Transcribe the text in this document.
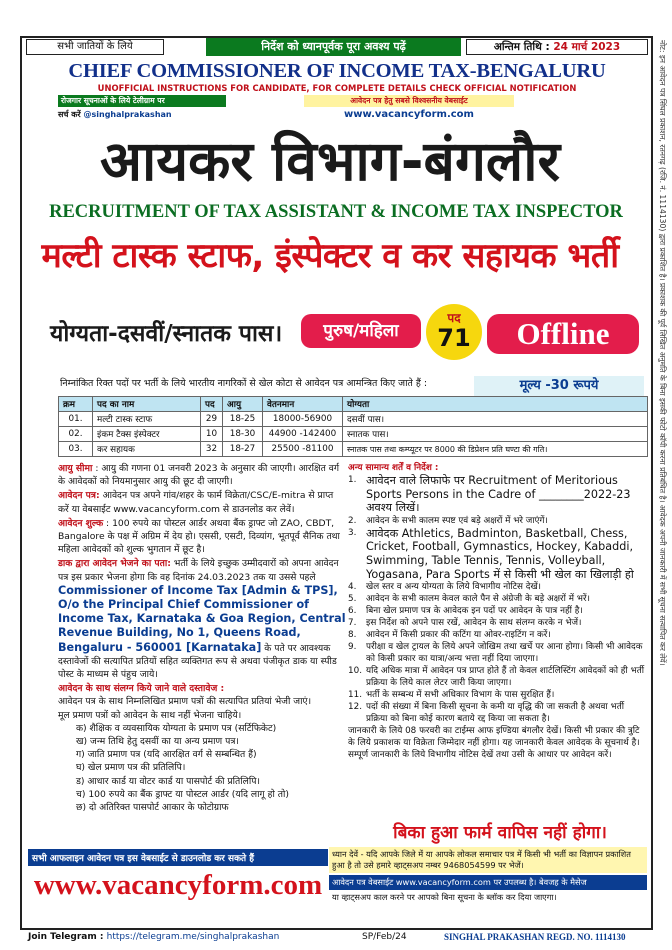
नोट: इन आवेदन पत्र सिंघल प्रकाशन, रतनगढ़ (रजि. नं. 1114130) द्वारा प्रकाशित है। प्रकाशक की पूर्व लिखित अनुमति के बिना इसकी फोटो कॉपी करना प्रतिबंधित है। आवेदक अपनी जानकारी में सभी सूचना सत्यापित कर लेवें।
सभी जातियों के लिये	निर्देश को ध्यानपूर्वक पूरा अवश्य पढ़ें	अन्तिम तिथि : 24 मार्च 2023
CHIEF COMMISSIONER OF INCOME TAX-BENGALURU
UNOFFICIAL INSTRUCTIONS FOR CANDIDATE, FOR COMPLETE DETAILS CHECK OFFICIAL NOTIFICATION
रोजगार सूचनाओं के लिये टेलीग्राम पर
सर्च करें @singhalprakashan
आवेदन पत्र हेतु सबसे विश्वसनीय वेबसाईट
www.vacancyform.com
आयकर विभाग-बंगलौर
RECRUITMENT OF TAX ASSISTANT & INCOME TAX INSPECTOR
मल्टी टास्क स्टाफ, इंस्पेक्टर व कर सहायक भर्ती
योग्यता-दसवीं/स्नातक पास।	पुरुष/महिला
पद
71	Offline
निम्नांकित रिक्त पदों पर भर्ती के लिये भारतीय नागरिकों से खेल कोटा से आवेदन पत्र आमन्त्रित किए जाते हैं :	मूल्य -30 रूपये
क्रम	पद का नाम	पद	आयु	वेतनमान	योग्यता
01.	मल्टी टास्क स्टाफ	29	18-25	18000-56900	दसवीं पास।
02.	इंकम टैक्स इंस्पेक्टर	10	18-30	44900 -142400	स्नातक पास।
03.	कर सहायक	32	18-27	25500 -81100	स्नातक पास तथा कम्प्यूटर पर 8000 की डिप्रेशन प्रति घण्टा की गति।
आयु सीमा : आयु की गणना 01 जनवरी 2023 के अनुसार की जाएगी। आरक्षित वर्ग के आवेदकों को नियमानुसार आयु की छूट दी जाएगी।
आवेदन पत्र: आवेदन पत्र अपने गांव/शहर के फार्म विक्रेता/CSC/E-mitra से प्राप्त करें या वेबसाईट www.vacancyform.com से डाउनलोड कर लेवें।
आवेदन शुल्क : 100 रुपये का पोस्टल आर्डर अथवा बैंक ड्राफ्ट जो ZAO, CBDT, Bangalore के पक्ष में अग्रिम में देय हो। एससी, एसटी, दिव्यांग, भूतपूर्व सैनिक तथा महिला आवेदकों को शुल्क भुगतान में छूट है।
डाक द्वारा आवेदन भेजने का पता: भर्ती के लिये इच्छुक उम्मीदवारों को अपना आवेदन पत्र इस प्रकार भेजना होगा कि वह दिनांक 24.03.2023 तक या उससे पहले Commissioner of Income Tax [Admin & TPS], O/o the Principal Chief Commissioner of Income Tax, Karnataka & Goa Region, Central Revenue Building, No 1, Queens Road, Bengaluru - 560001 [Karnataka] के पते पर आवश्यक दस्तावेजों की सत्यापित प्रतियों सहित व्यक्तिगत रूप से अथवा पंजीकृत डाक या स्पीड पोस्ट के माध्यम से पंहुच जाये।
आवेदन के साथ संलग्न किये जाने वाले दस्तावेज :
आवेदन पत्र के साथ निम्नलिखित प्रमाण पत्रों की सत्यापित प्रतियां भेजी जाएं।
मूल प्रमाण पत्रों को आवेदन के साथ नहीं भेजना चाहिये।
क) शैक्षिक व व्यवसायिक योग्यता के प्रमाण पत्र (सर्टिफिकेट)
ख) जन्म तिथि हेतु दसवीं का या अन्य प्रमाण पत्र।
ग) जाति प्रमाण पत्र (यदि आरक्षित वर्ग से सम्बन्धित हैं)
घ) खेल प्रमाण पत्र की प्रतिलिपि।
ड) आधार कार्ड या वोटर कार्ड या पासपोर्ट की प्रतिलिपि।
च) 100 रुपये का बैंक ड्राफ्ट या पोस्टल आर्डर (यदि लागू हो तो)
छ) दो अतिरिक्त पासपोर्ट आकार के फोटोग्राफ
अन्य सामान्य शर्तें व निर्देश :
1. आवेदन वाले लिफाफे पर Recruitment of Meritorious Sports Persons in the Cadre of ________2022-23 अवश्य लिखें।
2.	आवेदन के सभी कालम स्पष्ट एवं बड़े अक्षरों में भरे जाएंगें।
3. आवेदक Athletics, Badminton, Basketball, Chess, Cricket, Football, Gymnastics, Hockey, Kabaddi, Swimming, Table Tennis, Tennis, Volleyball, Yogasana, Para Sports में से किसी भी खेल का खिलाड़ी हो
4.	खेल स्तर व अन्य योग्यता के लिये विभागीय नोटिस देखें।
5.	आवेदन के सभी कालम केवल काले पैन से अंग्रेजी के बड़े अक्षरों में भरें।
6.	बिना खेल प्रमाण पत्र के आवेदक इन पदों पर आवेदन के पात्र नहीं है।
7.	इस निर्देश को अपने पास रखें, आवेदन के साथ संलग्न करके न भेजें।
8.	आवेदन में किसी प्रकार की कटिंग या ओवर-राइटिंग न करें।
9.	परीक्षा व खेल ट्रायल के लिये अपने जोखिम तथा खर्चे पर आना होगा। किसी भी आवेदक को किसी प्रकार का यात्रा/अन्य भत्ता नहीं दिया जाएगा।
10. यदि अधिक मात्रा में आवेदन पत्र प्राप्त होते हैं तो केवल शार्टलिस्टिंग आवेदकों को ही भर्ती प्रक्रिया के लिये काल लेटर जारी किया जाएगा।
11. भर्ती के सम्बन्ध में सभी अधिकार विभाग के पास सुरक्षित हैं।
12. पदों की संख्या में बिना किसी सूचना के कमी या वृद्धि की जा सकती है अथवा भर्ती प्रक्रिया को बिना कोई कारण बताये रद्द किया जा सकता है।
जानकारी के लिये 08 फरवरी का टाईम्स आफ इण्डिया बंगलौर देखें। किसी भी प्रकार की त्रुटि के लिये प्रकाशक या विक्रेता जिम्मेदार नहीं होगा। यह जानकारी केवल आवेदक के सूचनार्थ है। सम्पूर्ण जानकारी के लिये विभागीय नोटिस देखें तथा उसी के आधार पर आवेदन करें।
बिका हुआ फार्म वापिस नहीं होगा।
सभी आफलाइन आवेदन पत्र इस वेबसाईट से डाउनलोड कर सकते हैं
www.vacancyform.com
ध्यान देवें - यदि आपके जिले में या आपके लोकल समाचार पत्र में किसी भी भर्ती का विज्ञापन प्रकाशित हुआ है तो उसे हमारे व्हाट्सअप नम्बर 9468054599 पर भेजें।
आवेदन पत्र वेबसाईट www.vacancyform.com पर उपलब्ध है। बेवजह के मैसेज
या व्हाट्सअप काल करने पर आपको बिना सूचना के ब्लॉक कर दिया जाएगा।
Join Telegram : https://telegram.me/singhalprakashan	SP/Feb/24	SINGHAL PRAKASHAN REGD. NO. 1114130
